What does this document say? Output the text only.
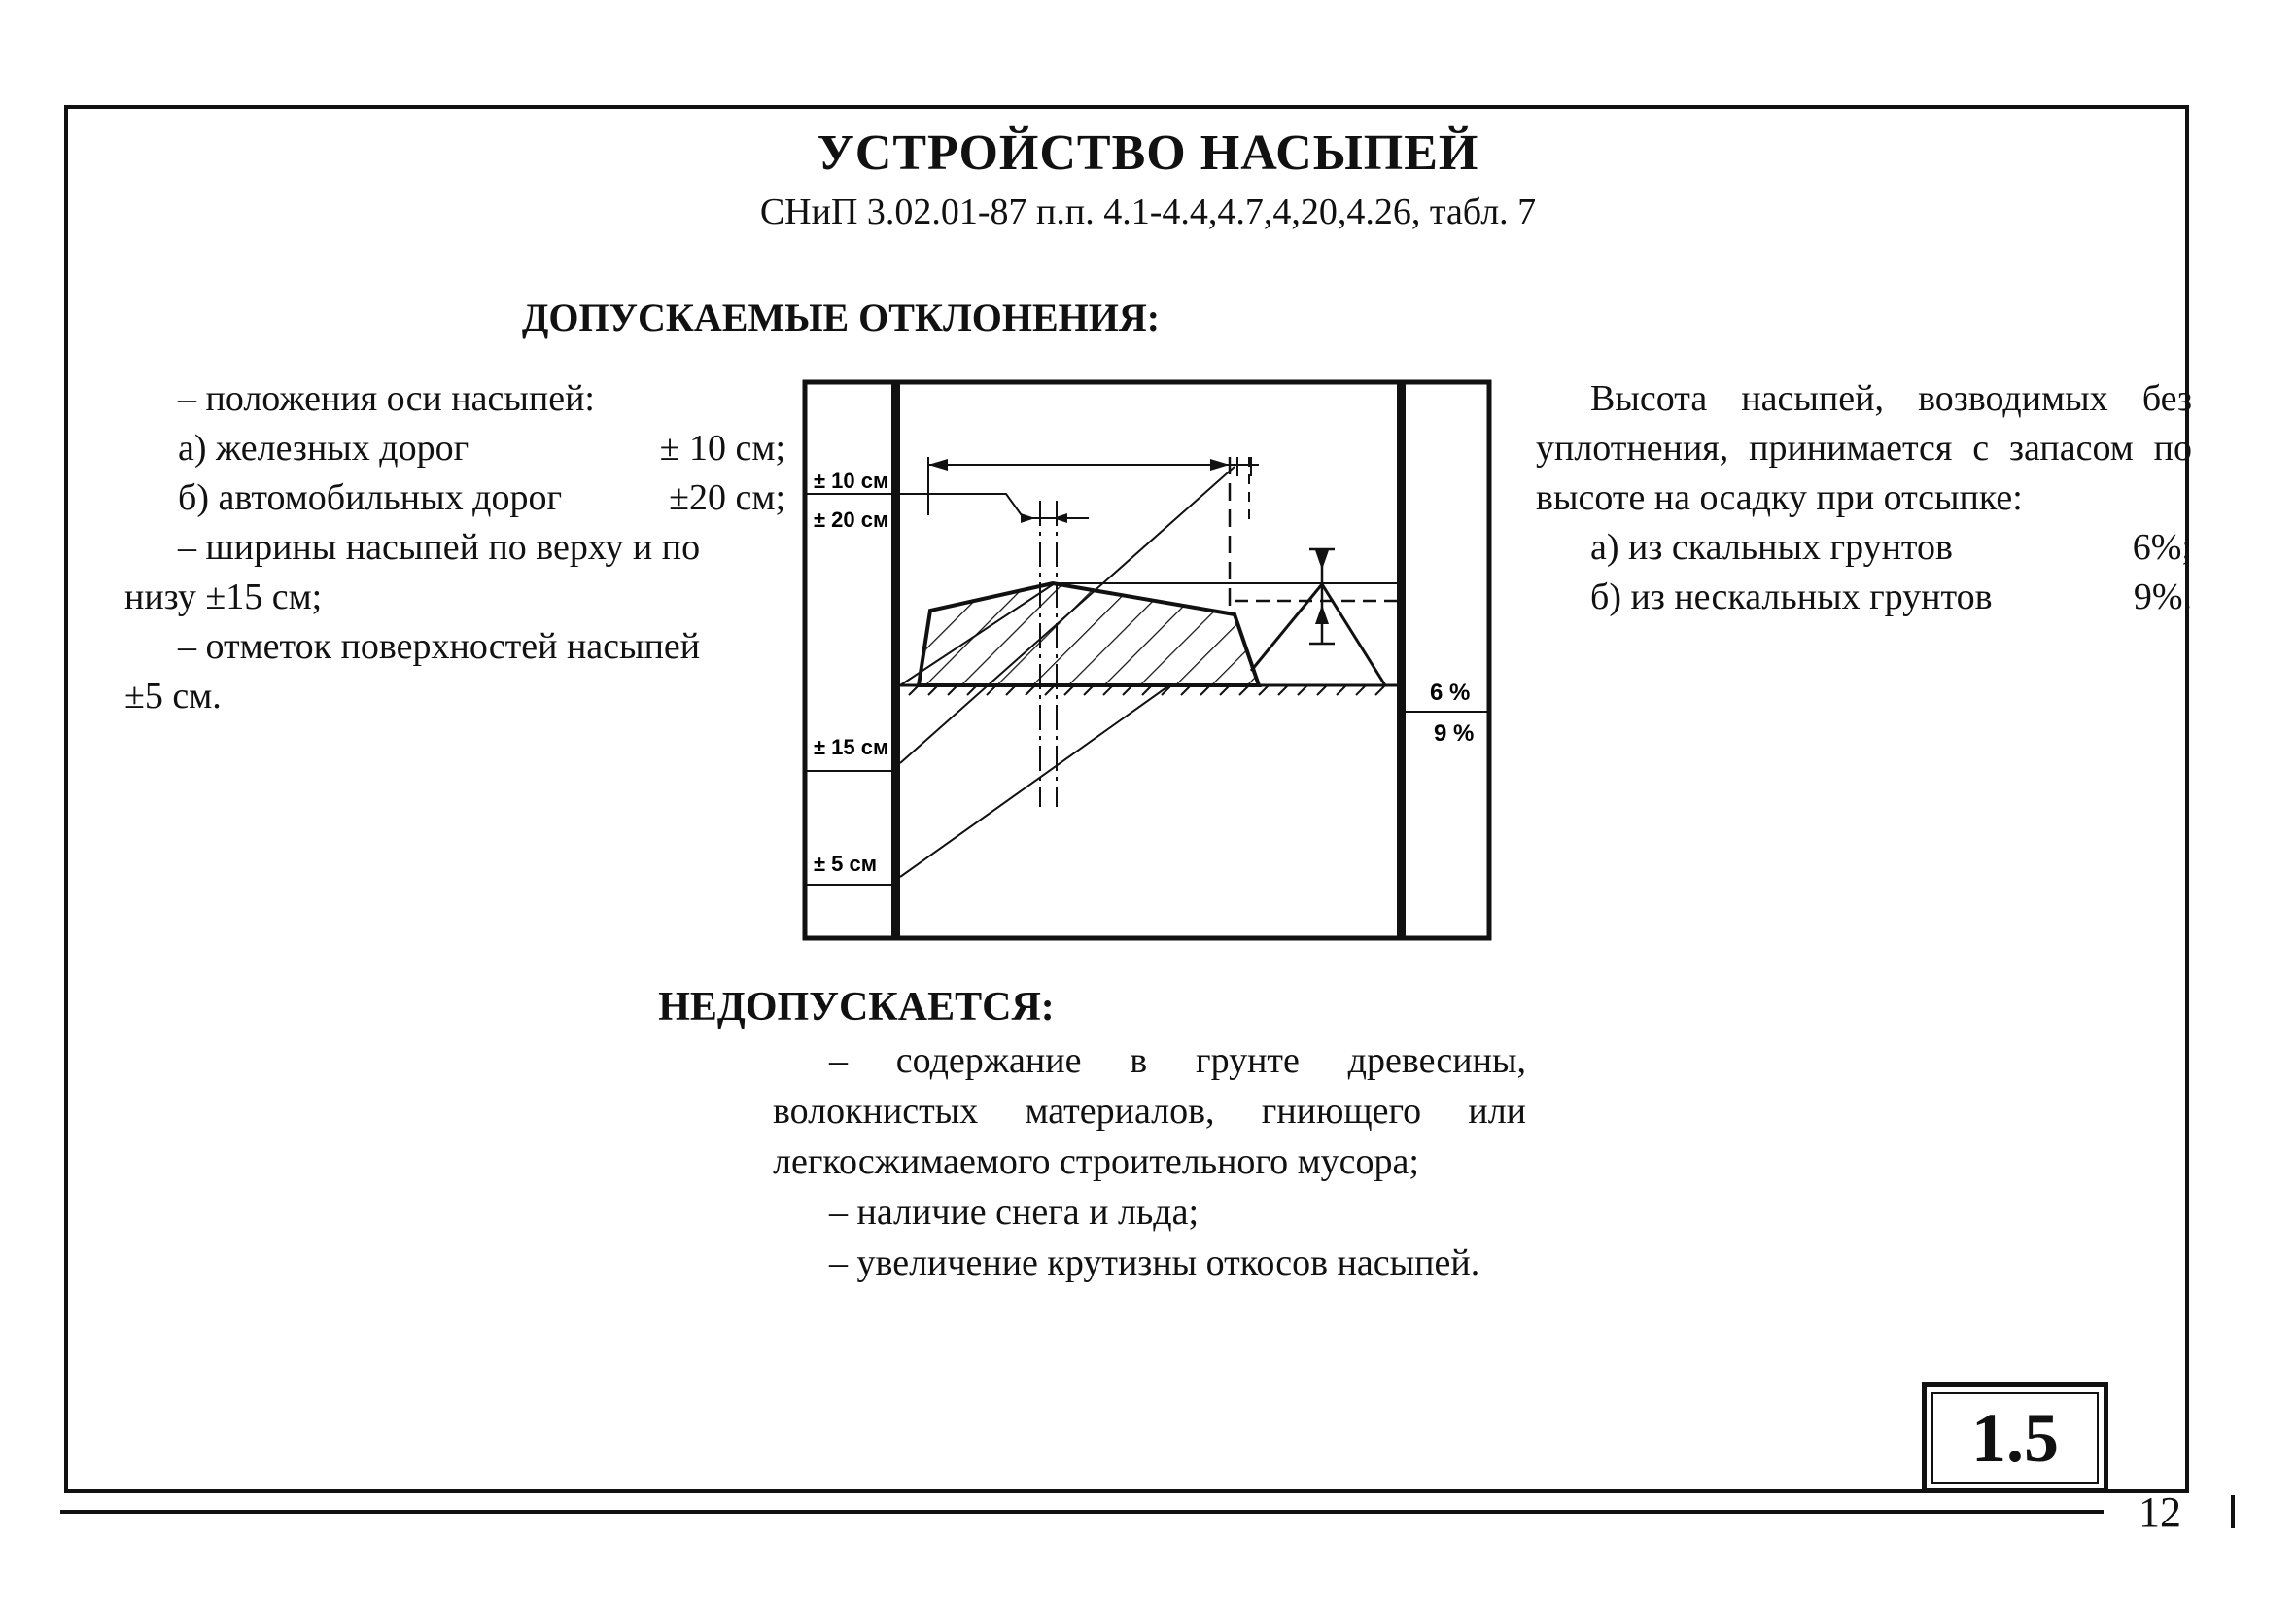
УСТРОЙСТВО НАСЫПЕЙ
СНиП 3.02.01-87 п.п. 4.1-4.4,4.7,4,20,4.26, табл. 7
ДОПУСКАЕМЫЕ ОТКЛОНЕНИЯ:

– положения оси насыпей:

а) железных дорог	± 10 см;
б) автомобильных дорог	±20 см;

– ширины насыпей по верху и по

низу ±15 см;

– отметок поверхностей насыпей

±5 см.

Высота насыпей, возводимых без уплотнения, принимается с запасом по высоте на осадку при отсыпке:

а) из скальных грунтов	6%;
б) из нескальных грунтов	9%.
± 10 см
± 20 см
± 15 см
± 5 см
6 %
9 %
НЕДОПУСКАЕТСЯ:

– содержание в грунте древесины, волокнистых материалов, гниющего или легкосжимаемого строительного мусора;

– наличие снега и льда;

– увеличение крутизны откосов насыпей.

1.5
12
